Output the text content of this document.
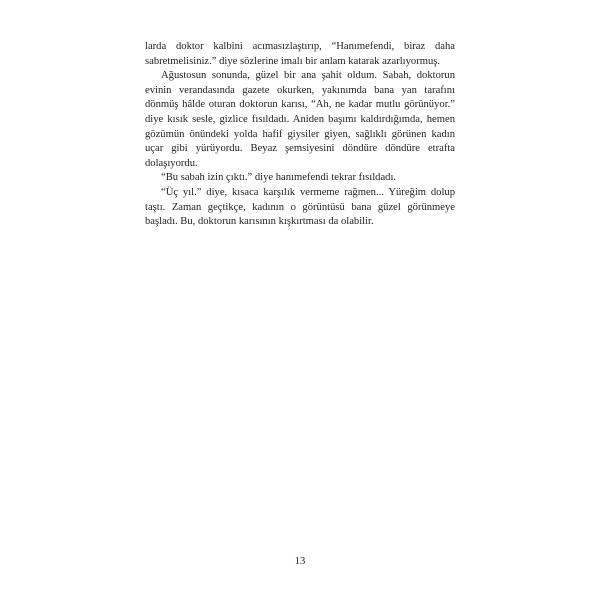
larda doktor kalbini acımasızlaştırıp, “Hanımefendi, biraz daha sabretmelisiniz.” diye sözlerine imalı bir anlam katarak azarlıyormuş.

Ağustosun sonunda, güzel bir ana şahit oldum. Sabah, doktorun evinin verandasında gazete okurken, yakınımda bana yan tarafını dönmüş hâlde oturan doktorun karısı, “Ah, ne kadar mutlu görünüyor.” diye kısık sesle, gizlice fısıldadı. Aniden başımı kaldırdığımda, hemen gözümün önündeki yolda hafif giysiler giyen, sağlıklı görünen kadın uçar gibi yürüyordu. Beyaz şemsiyesini döndüre döndüre etrafta dolaşıyordu.

“Bu sabah izin çıktı.” diye hanımefendi tekrar fısıldadı.

“Üç yıl.” diye, kısaca karşılık vermeme rağmen... Yüreğim dolup taştı. Zaman geçtikçe, kadının o görüntüsü bana güzel görünmeye başladı. Bu, doktorun karısının kışkırtması da olabilir.

13
